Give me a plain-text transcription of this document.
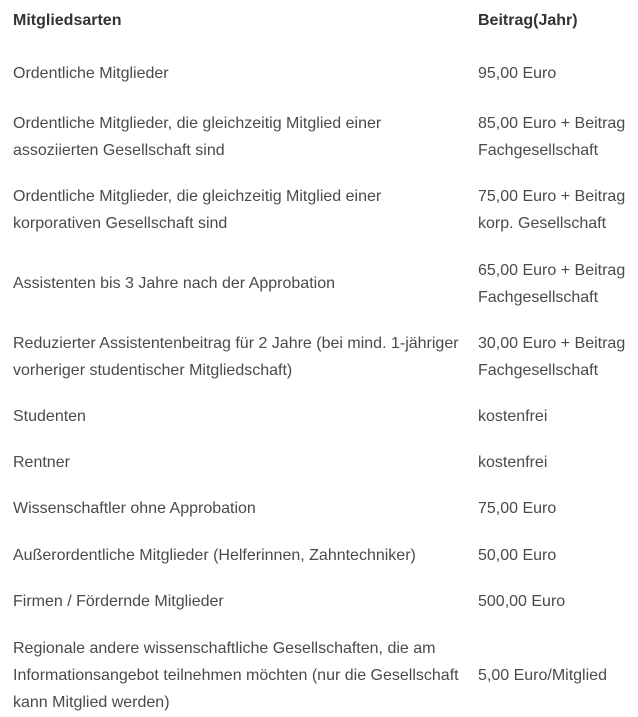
Mitgliedsarten	Beitrag(Jahr)
Ordentliche Mitglieder	95,00 Euro
Ordentliche Mitglieder, die gleichzeitig Mitglied einer assoziierten Gesellschaft sind	85,00 Euro + Beitrag Fachgesellschaft
Ordentliche Mitglieder, die gleichzeitig Mitglied einer korporativen Gesellschaft sind	75,00 Euro + Beitrag korp. Gesellschaft
Assistenten bis 3 Jahre nach der Approbation	65,00 Euro + Beitrag Fachgesellschaft
Reduzierter Assistentenbeitrag für 2 Jahre (bei mind. 1-jähriger vorheriger studentischer Mitgliedschaft)	30,00 Euro + Beitrag Fachgesellschaft
Studenten	kostenfrei
Rentner	kostenfrei
Wissenschaftler ohne Approbation	75,00 Euro
Außerordentliche Mitglieder (Helferinnen, Zahntechniker)	50,00 Euro
Firmen / Fördernde Mitglieder	500,00 Euro
Regionale andere wissenschaftliche Gesellschaften, die am Informationsangebot teilnehmen möchten (nur die Gesellschaft kann Mitglied werden)	5,00 Euro/Mitglied
